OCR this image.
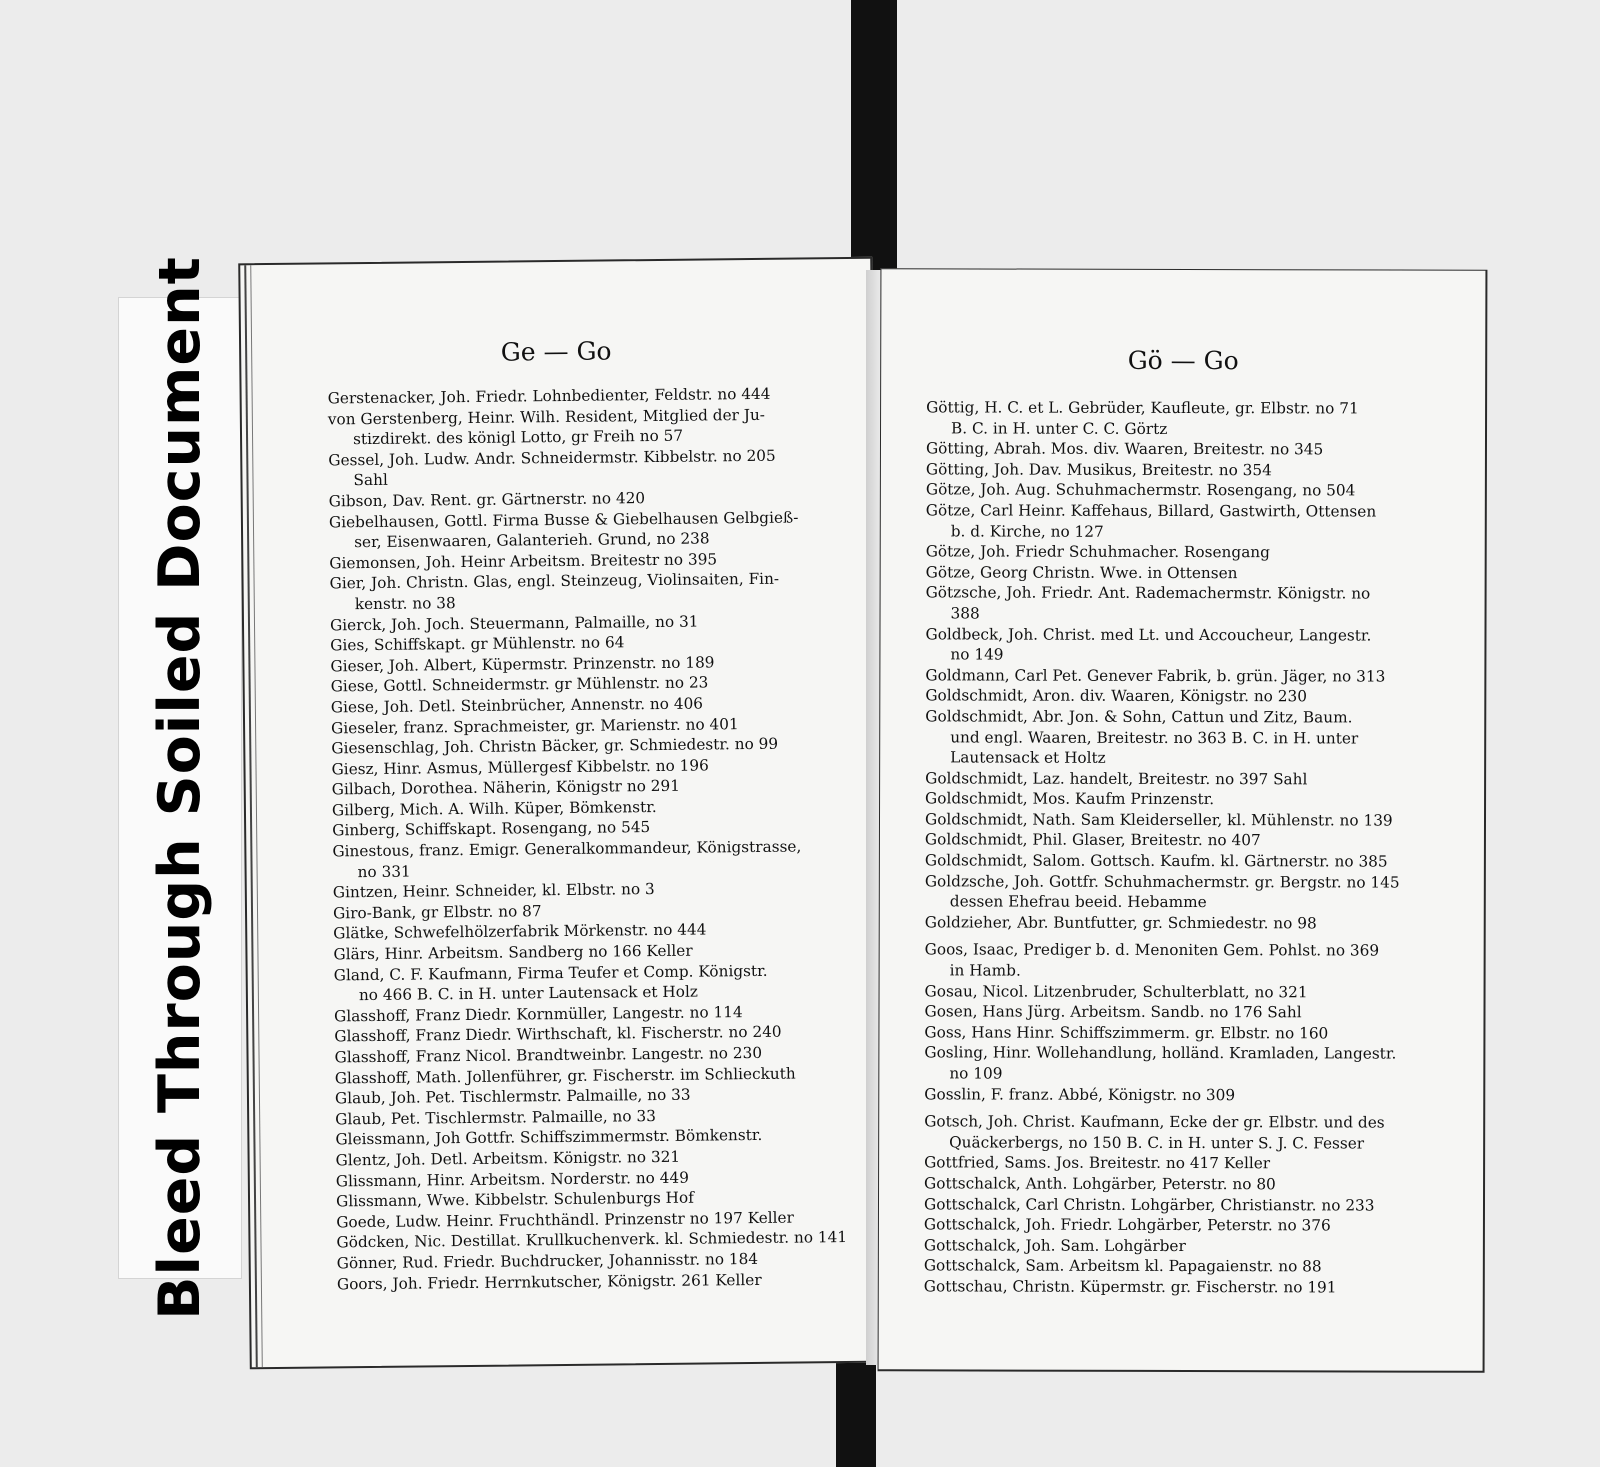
Bleed Through Soiled Document	Ge — Go
Gerstenacker, Joh. Friedr. Lohnbedienter, Feldstr. no 444
von Gerstenberg, Heinr. Wilh. Resident, Mitglied der Ju-
stizdirekt. des königl Lotto, gr Freih no 57
Gessel, Joh. Ludw. Andr. Schneidermstr. Kibbelstr. no 205
Sahl
Gibson, Dav. Rent. gr. Gärtnerstr. no 420
Giebelhausen, Gottl. Firma Busse & Giebelhausen Gelbgieß-
ser, Eisenwaaren, Galanterieh. Grund, no 238
Giemonsen, Joh. Heinr Arbeitsm. Breitestr no 395
Gier, Joh. Christn. Glas, engl. Steinzeug, Violinsaiten, Fin-
kenstr. no 38
Gierck, Joh. Joch. Steuermann, Palmaille, no 31
Gies, Schiffskapt. gr Mühlenstr. no 64
Gieser, Joh. Albert, Küpermstr. Prinzenstr. no 189
Giese, Gottl. Schneidermstr. gr Mühlenstr. no 23
Giese, Joh. Detl. Steinbrücher, Annenstr. no 406
Gieseler, franz. Sprachmeister, gr. Marienstr. no 401
Giesenschlag, Joh. Christn Bäcker, gr. Schmiedestr. no 99
Giesz, Hinr. Asmus, Müllergesf Kibbelstr. no 196
Gilbach, Dorothea. Näherin, Königstr no 291
Gilberg, Mich. A. Wilh. Küper, Bömkenstr.
Ginberg, Schiffskapt. Rosengang, no 545
Ginestous, franz. Emigr. Generalkommandeur, Königstrasse,
no 331
Gintzen, Heinr. Schneider, kl. Elbstr. no 3
Giro-Bank, gr Elbstr. no 87
Glätke, Schwefelhölzerfabrik Mörkenstr. no 444
Glärs, Hinr. Arbeitsm. Sandberg no 166 Keller
Gland, C. F. Kaufmann, Firma Teufer et Comp. Königstr.
no 466 B. C. in H. unter Lautensack et Holz
Glasshoff, Franz Diedr. Kornmüller, Langestr. no 114
Glasshoff, Franz Diedr. Wirthschaft, kl. Fischerstr. no 240
Glasshoff, Franz Nicol. Brandtweinbr. Langestr. no 230
Glasshoff, Math. Jollenführer, gr. Fischerstr. im Schlieckuth
Glaub, Joh. Pet. Tischlermstr. Palmaille, no 33
Glaub, Pet. Tischlermstr. Palmaille, no 33
Gleissmann, Joh Gottfr. Schiffszimmermstr. Bömkenstr.
Glentz, Joh. Detl. Arbeitsm. Königstr. no 321
Glissmann, Hinr. Arbeitsm. Norderstr. no 449
Glissmann, Wwe. Kibbelstr. Schulenburgs Hof
Goede, Ludw. Heinr. Fruchthändl. Prinzenstr no 197 Keller
Gödcken, Nic. Destillat. Krullkuchenverk. kl. Schmiedestr. no 141
Gönner, Rud. Friedr. Buchdrucker, Johannisstr. no 184
Goors, Joh. Friedr. Herrnkutscher, Königstr. 261 Keller
Gö — Go
Göttig, H. C. et L. Gebrüder, Kaufleute, gr. Elbstr. no 71
B. C. in H. unter C. C. Görtz
Götting, Abrah. Mos. div. Waaren, Breitestr. no 345
Götting, Joh. Dav. Musikus, Breitestr. no 354
Götze, Joh. Aug. Schuhmachermstr. Rosengang, no 504
Götze, Carl Heinr. Kaffehaus, Billard, Gastwirth, Ottensen
b. d. Kirche, no 127
Götze, Joh. Friedr Schuhmacher. Rosengang
Götze, Georg Christn. Wwe. in Ottensen
Götzsche, Joh. Friedr. Ant. Rademachermstr. Königstr. no
388
Goldbeck, Joh. Christ. med Lt. und Accoucheur, Langestr.
no 149
Goldmann, Carl Pet. Genever Fabrik, b. grün. Jäger, no 313
Goldschmidt, Aron. div. Waaren, Königstr. no 230
Goldschmidt, Abr. Jon. & Sohn, Cattun und Zitz, Baum.
und engl. Waaren, Breitestr. no 363 B. C. in H. unter
Lautensack et Holtz
Goldschmidt, Laz. handelt, Breitestr. no 397 Sahl
Goldschmidt, Mos. Kaufm Prinzenstr.
Goldschmidt, Nath. Sam Kleiderseller, kl. Mühlenstr. no 139
Goldschmidt, Phil. Glaser, Breitestr. no 407
Goldschmidt, Salom. Gottsch. Kaufm. kl. Gärtnerstr. no 385
Goldzsche, Joh. Gottfr. Schuhmachermstr. gr. Bergstr. no 145
dessen Ehefrau beeid. Hebamme
Goldzieher, Abr. Buntfutter, gr. Schmiedestr. no 98
Goos, Isaac, Prediger b. d. Menoniten Gem. Pohlst. no 369
in Hamb.
Gosau, Nicol. Litzenbruder, Schulterblatt, no 321
Gosen, Hans Jürg. Arbeitsm. Sandb. no 176 Sahl
Goss, Hans Hinr. Schiffszimmerm. gr. Elbstr. no 160
Gosling, Hinr. Wollehandlung, holländ. Kramladen, Langestr.
no 109
Gosslin, F. franz. Abbé, Königstr. no 309
Gotsch, Joh. Christ. Kaufmann, Ecke der gr. Elbstr. und des
Quäckerbergs, no 150 B. C. in H. unter S. J. C. Fesser
Gottfried, Sams. Jos. Breitestr. no 417 Keller
Gottschalck, Anth. Lohgärber, Peterstr. no 80
Gottschalck, Carl Christn. Lohgärber, Christianstr. no 233
Gottschalck, Joh. Friedr. Lohgärber, Peterstr. no 376
Gottschalck, Joh. Sam. Lohgärber
Gottschalck, Sam. Arbeitsm kl. Papagaienstr. no 88
Gottschau, Christn. Küpermstr. gr. Fischerstr. no 191
